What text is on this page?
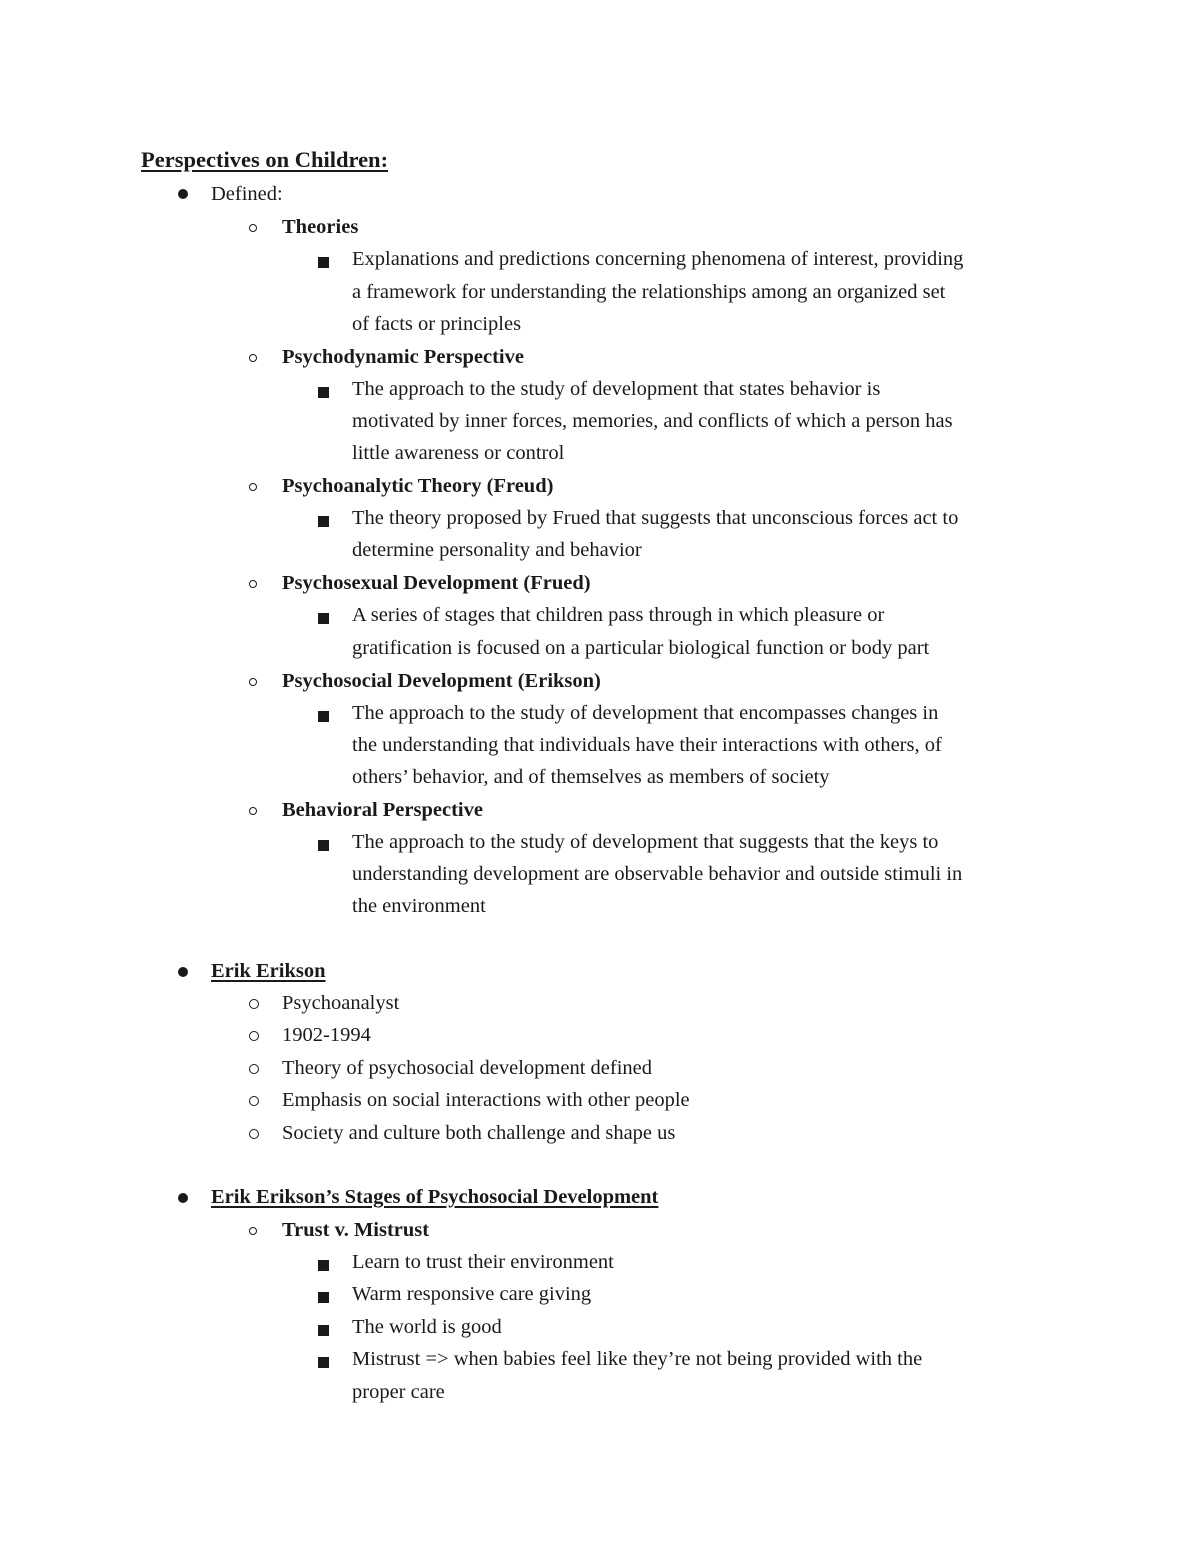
Perspectives on Children:
Defined:
Theories
Explanations and predictions concerning phenomena of interest, providing
a framework for understanding the relationships among an organized set
of facts or principles
Psychodynamic Perspective
The approach to the study of development that states behavior is
motivated by inner forces, memories, and conflicts of which a person has
little awareness or control
Psychoanalytic Theory (Freud)
The theory proposed by Frued that suggests that unconscious forces act to
determine personality and behavior
Psychosexual Development (Frued)
A series of stages that children pass through in which pleasure or
gratification is focused on a particular biological function or body part
Psychosocial Development (Erikson)
The approach to the study of development that encompasses changes in
the understanding that individuals have their interactions with others, of
others’ behavior, and of themselves as members of society
Behavioral Perspective
The approach to the study of development that suggests that the keys to
understanding development are observable behavior and outside stimuli in
the environment
Erik Erikson
Psychoanalyst
1902-1994
Theory of psychosocial development defined
Emphasis on social interactions with other people
Society and culture both challenge and shape us
Erik Erikson’s Stages of Psychosocial Development
Trust v. Mistrust
Learn to trust their environment
Warm responsive care giving
The world is good
Mistrust => when babies feel like they’re not being provided with the
proper care
